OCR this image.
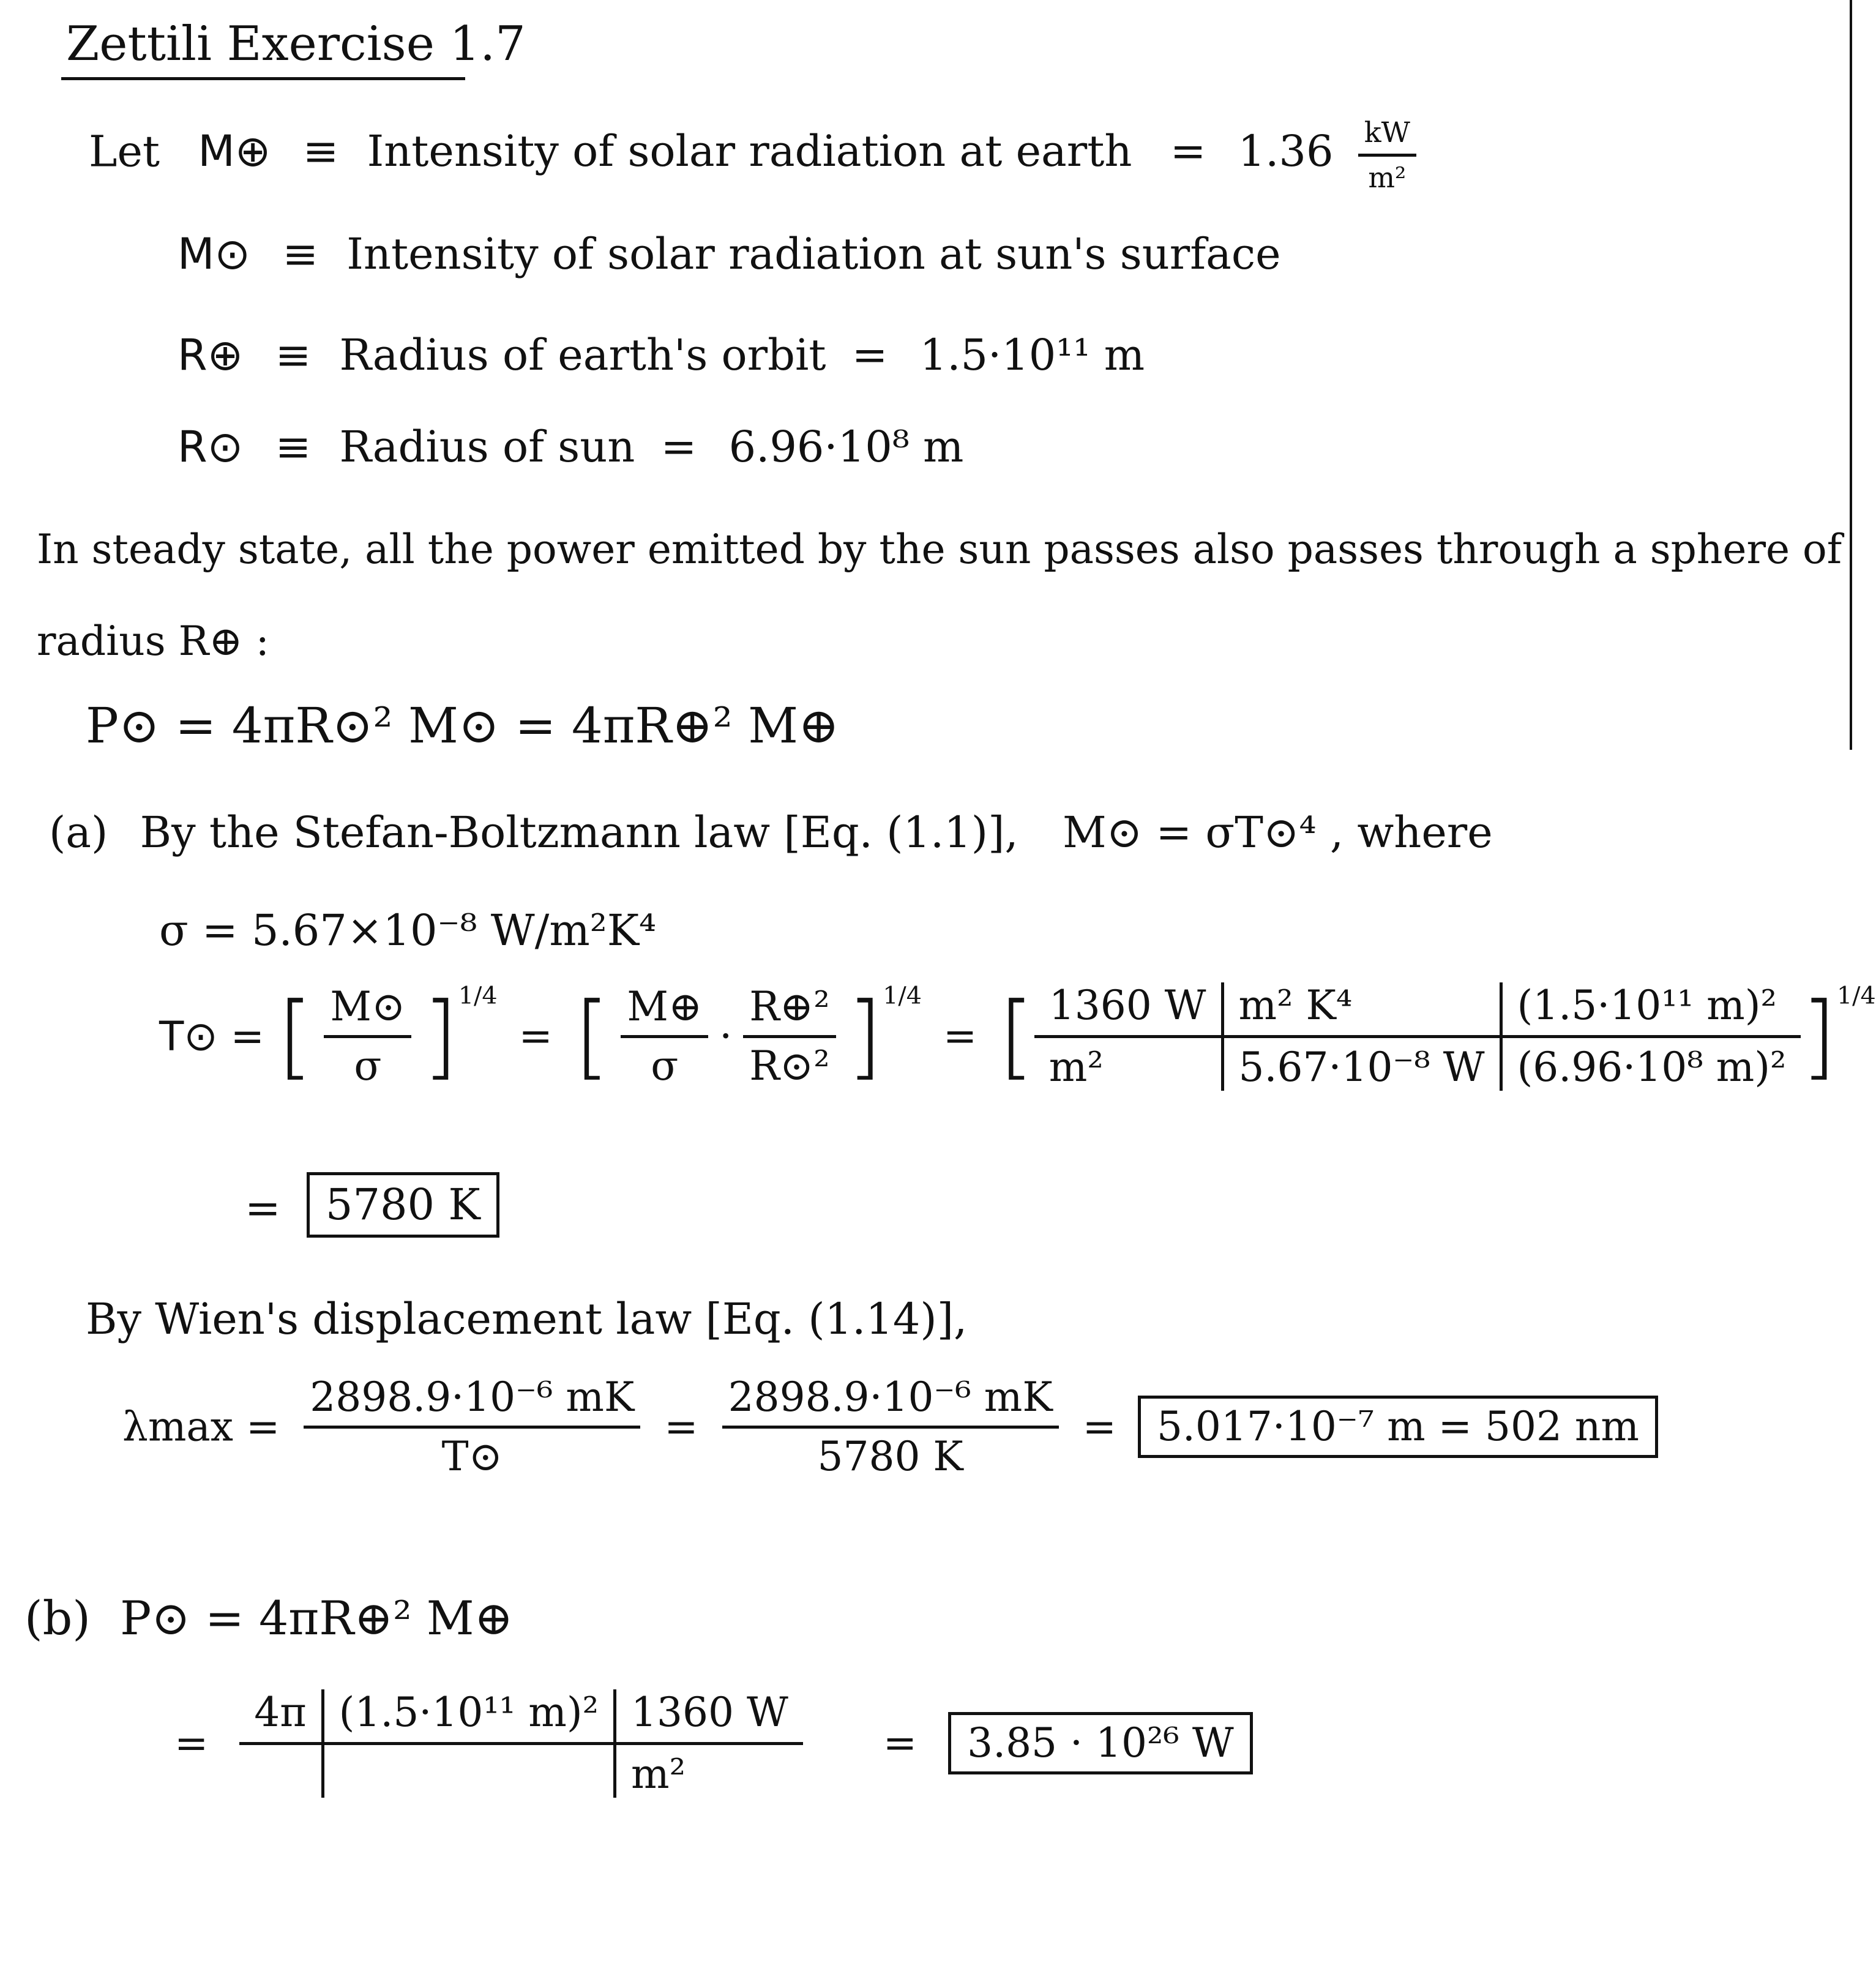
Zettili Exercise 1.7
Let M⊕ ≡ Intensity of solar radiation at earth = $1.36 \frac{kW}{\text{m²}}$
M⊙ ≡ Intensity of solar radiation at sun's surface
R⊕ ≡ Radius of earth's orbit = 1.5·10¹¹ m
R⊙ ≡ Radius of sun = 6.96·10⁸ m
In steady state, all the power emitted by the sun passes also passes through a sphere of
radius R⊕ :
P⊙ = 4πR⊙² M⊙ = 4πR⊕² M⊕
(a) By the Stefan-Boltzmann law [Eq. (1.1)], M⊙ = σT⊙⁴ , where
σ = 5.67×10⁻⁸ W/m²K⁴
T⊙ = [ $\frac{M⊙}{\sigma} ]^{1/4}$ = [ $\frac{M\oplus}{\sigma} \cdot \frac{\text{R⊕²}}{\text{R⊙²}} ]^{1/4}$ = [ 1360 W
m²
m² K⁴
5.67·10⁻⁸ W
(1.5·10¹¹ m)²
(6.96·10⁸ m)² ]$^{1/4}$
= 5780 K
By Wien's displacement law [Eq. (1.14)],
$\lambda\max = \frac{\text{2898.9·10⁻⁶ mK}}{T⊙} = \frac{\text{2898.9·10⁻⁶ mK}}{5780 K} = 5.017\cdot 10^{-7}$ m = 502 nm
(b) P⊙ = 4πR⊕² M⊕
=
4π (1.5·10¹¹ m)² 1360 W
m²
= 3.85 · 10²⁶ W
